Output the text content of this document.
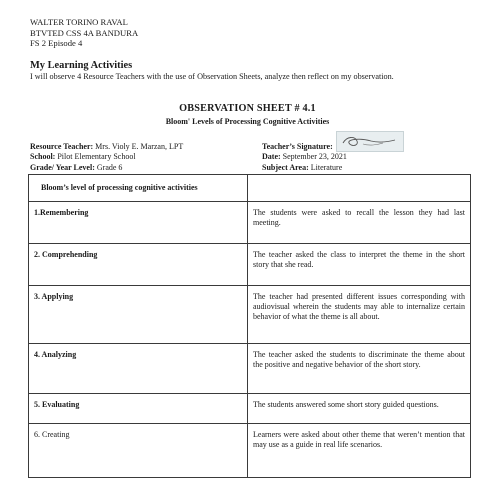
WALTER TORINO RAVAL
BTVTED CSS 4A BANDURA
FS 2 Episode 4
My Learning Activities
I will observe 4 Resource Teachers with the use of Observation Sheets, analyze then reflect on my observation.
OBSERVATION SHEET # 4.1
Bloom' Levels of Processing Cognitive Activities
Resource Teacher: Mrs. Violy E. Marzan, LPT
School: Pilot Elementary School
Grade/ Year Level: Grade 6
Teacher’s Signature:
Date: September 23, 2021
Subject Area: Literature
Bloom’s level of processing cognitive activities	
1.Remembering	The students were asked to recall the lesson they had last meeting.
2. Comprehending	The teacher asked the class to interpret the theme in the short story that she read.
3. Applying	The teacher had presented different issues corresponding with audiovisual wherein the students may able to internalize certain behavior of what the theme is all about.
4. Analyzing	The teacher asked the students to discriminate the theme about the positive and negative behavior of the short story.
5. Evaluating	The students answered some short story guided questions.
6. Creating	Learners were asked about other theme that weren’t mention that may use as a guide in real life scenarios.
